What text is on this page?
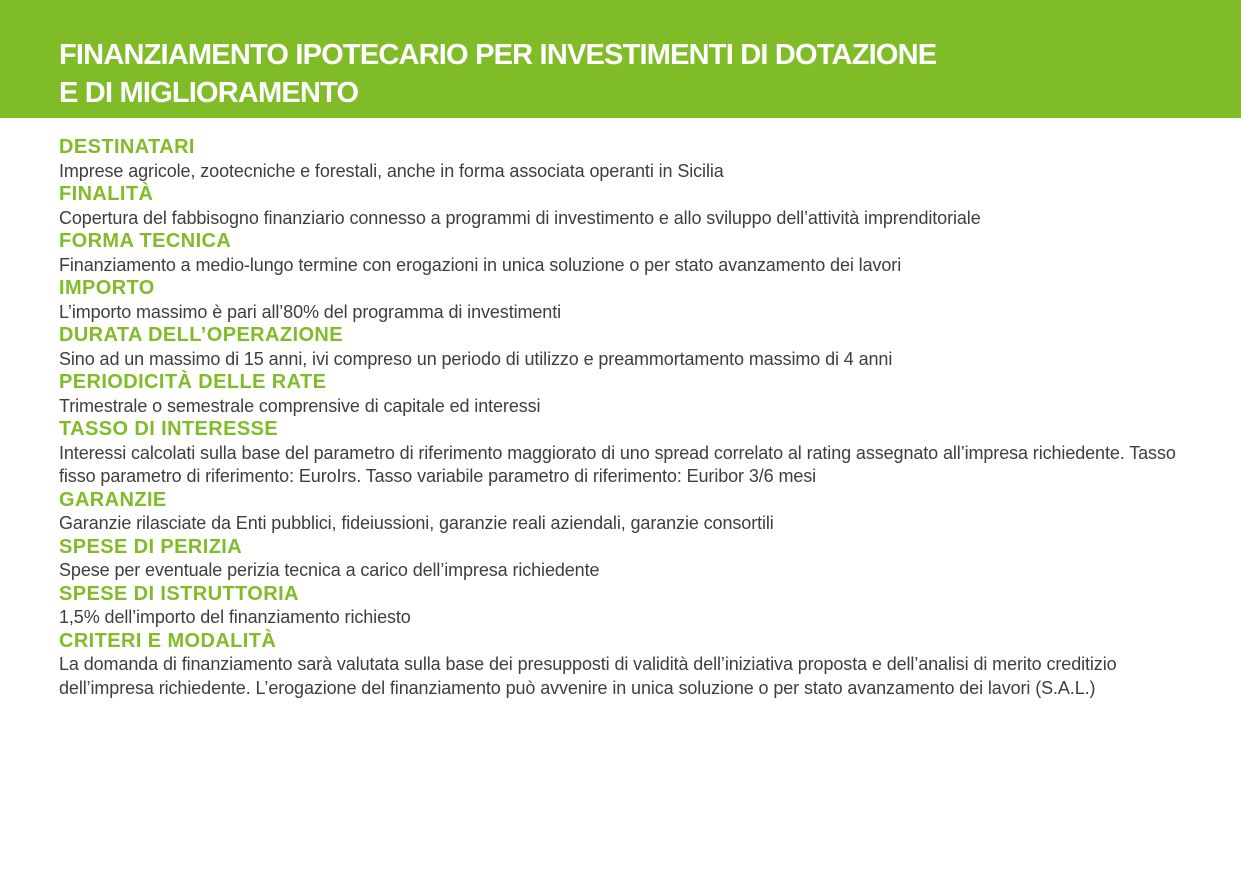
FINANZIAMENTO IPOTECARIO PER INVESTIMENTI DI DOTAZIONE
E DI MIGLIORAMENTO
DESTINATARI

Imprese agricole, zootecniche e forestali, anche in forma associata operanti in Sicilia

FINALITÀ

Copertura del fabbisogno finanziario connesso a programmi di investimento e allo sviluppo dell’attività imprenditoriale

FORMA TECNICA

Finanziamento a medio-lungo termine con erogazioni in unica soluzione o per stato avanzamento dei lavori

IMPORTO

L’importo massimo è pari all’80% del programma di investimenti

DURATA DELL’OPERAZIONE

Sino ad un massimo di 15 anni, ivi compreso un periodo di utilizzo e preammortamento massimo di 4 anni

PERIODICITÀ DELLE RATE

Trimestrale o semestrale comprensive di capitale ed interessi

TASSO DI INTERESSE

Interessi calcolati sulla base del parametro di riferimento maggiorato di uno spread correlato al rating assegnato all’impresa richiedente. Tasso fisso parametro di riferimento: EuroIrs. Tasso variabile parametro di riferimento: Euribor 3/6 mesi

GARANZIE

Garanzie rilasciate da Enti pubblici, fideiussioni, garanzie reali aziendali, garanzie consortili

SPESE DI PERIZIA

Spese per eventuale perizia tecnica a carico dell’impresa richiedente

SPESE DI ISTRUTTORIA

1,5% dell’importo del finanziamento richiesto

CRITERI E MODALITÀ

La domanda di finanziamento sarà valutata sulla base dei presupposti di validità dell’iniziativa proposta e dell’analisi di merito creditizio dell’impresa richiedente. L’erogazione del finanziamento può avvenire in unica soluzione o per stato avanzamento dei lavori (S.A.L.)
